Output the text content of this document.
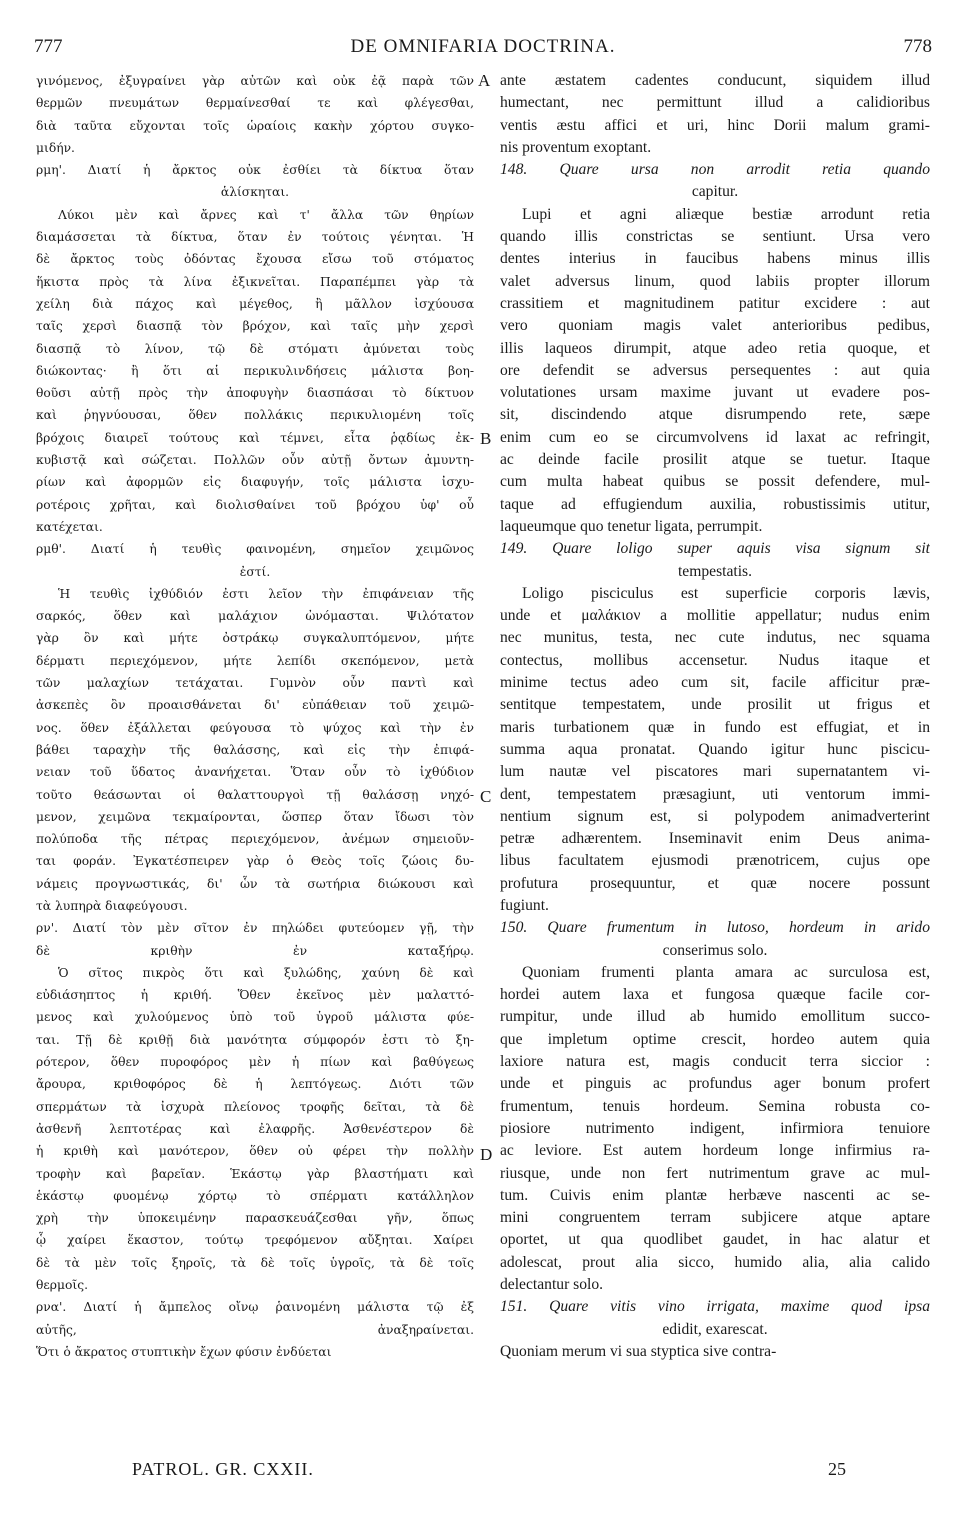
777	DE OMNIFARIA DOCTRINA.	778
γινόμενος, ἐξυγραίνει γὰρ αὐτῶν καὶ οὐκ ἐᾷ παρὰ τῶν
θερμῶν πνευμάτων θερμαίνεσθαί τε καὶ φλέγεσθαι,
διὰ ταῦτα εὔχονται τοῖς ὡραίοις κακὴν χόρτου συγκο-
μιδήν.
ρμη'. Διατί ἡ ἄρκτος οὐκ ἐσθίει τὰ δίκτυα ὅταν
ἁλίσκηται.
Λύκοι μὲν καὶ ἄρνες καὶ τ' ἄλλα τῶν θηρίων
διαμάσσεται τὰ δίκτυα, ὅταν ἐν τούτοις γένηται. Ἡ
δὲ ἄρκτος τοὺς ὀδόντας ἔχουσα εἴσω τοῦ στόματος
ἥκιστα πρὸς τὰ λίνα ἐξικνεῖται. Παραπέμπει γὰρ τὰ
χείλη διὰ πάχος καὶ μέγεθος, ἢ μᾶλλον ἰσχύουσα
ταῖς χερσὶ διασπᾷ τὸν βρόχον, καὶ ταῖς μὴν χερσὶ
διασπᾷ τὸ λίνον, τῷ δὲ στόματι ἀμύνεται τοὺς
διώκοντας· ἢ ὅτι αἱ περικυλινδήσεις μάλιστα βοη-
θοῦσι αὐτῇ πρὸς τὴν ἀποφυγὴν διασπάσαι τὸ δίκτυον
καὶ ῥηγνύουσαι, ὅθεν πολλάκις περικυλιομένη τοῖς
βρόχοις διαιρεῖ τούτους καὶ τέμνει, εἶτα ῥᾳδίως ἐκ-
κυβιστᾷ καὶ σώζεται. Πολλῶν οὖν αὐτῇ ὄντων ἀμυντη-
ρίων καὶ ἀφορμῶν εἰς διαφυγήν, τοῖς μάλιστα ἰσχυ-
ροτέροις χρῆται, καὶ διολισθαίνει τοῦ βρόχου ὑφ' οὗ
κατέχεται.
ρμθ'. Διατί ἡ τευθὶς φαινομένη, σημεῖον χειμῶνος
ἐστί.
Ἡ τευθὶς ἰχθύδιόν ἐστι λεῖον τὴν ἐπιφάνειαν τῆς
σαρκός, ὅθεν καὶ μαλάχιον ὠνόμασται. Ψιλότατον
γὰρ ὂν καὶ μήτε ὀστράκῳ συγκαλυπτόμενον, μήτε
δέρματι περιεχόμενον, μήτε λεπίδι σκεπόμενον, μετὰ
τῶν μαλαχίων τετάχαται. Γυμνὸν οὖν παντὶ καὶ
ἀσκεπὲς ὂν προαισθάνεται δι' εὐπάθειαν τοῦ χειμῶ-
νος. ὅθεν ἐξάλλεται φεύγουσα τὸ ψύχος καὶ τὴν ἐν
βάθει ταραχὴν τῆς θαλάσσης, καὶ εἰς τὴν ἐπιφά-
νειαν τοῦ ὕδατος ἀνανήχεται. Ὅταν οὖν τὸ ἰχθύδιον
τοῦτο θεάσωνται οἱ θαλαττουργοὶ τῇ θαλάσσῃ νηχό-
μενον, χειμῶνα τεκμαίρονται, ὥσπερ ὅταν ἴδωσι τὸν
πολύποδα τῆς πέτρας περιεχόμενον, ἀνέμων σημειοῦν-
ται φοράν. Ἐγκατέσπειρεν γὰρ ὁ Θεὸς τοῖς ζώοις δυ-
νάμεις προγνωστικάς, δι' ὧν τὰ σωτήρια διώκουσι καὶ
τὰ λυπηρὰ διαφεύγουσι.
ρν'. Διατί τὸν μὲν σῖτον ἐν πηλώδει φυτεύομεν γῇ, τὴν
δὲ κριθὴν ἐν καταξήρῳ.
Ὁ σῖτος πικρὸς ὅτι καὶ ξυλώδης, χαύνη δὲ καὶ
εὐδιάσηπτος ἡ κριθή. Ὅθεν ἐκεῖνος μὲν μαλαττό-
μενος καὶ χυλούμενος ὑπὸ τοῦ ὑγροῦ μάλιστα φύε-
ται. Τῇ δὲ κριθῇ διὰ μανότητα σύμφορόν ἐστι τὸ ξη-
ρότερον, ὅθεν πυροφόρος μὲν ἡ πίων καὶ βαθύγεως
ἄρουρα, κριθοφόρος δὲ ἡ λεπτόγεως. Διότι τῶν
σπερμάτων τὰ ἰσχυρὰ πλείονος τροφῆς δεῖται, τὰ δὲ
ἀσθενῆ λεπτοτέρας καὶ ἐλαφρῆς. Ἀσθενέστερον δὲ
ἡ κριθὴ καὶ μανότερον, ὅθεν οὐ φέρει τὴν πολλὴν
τροφὴν καὶ βαρεῖαν. Ἑκάστῳ γὰρ βλαστήματι καὶ
ἑκάστῳ φυομένῳ χόρτῳ τὸ σπέρματι κατάλληλον
χρὴ τὴν ὑποκειμένην παρασκευάζεσθαι γῆν, ὅπως
ᾧ χαίρει ἕκαστον, τούτῳ τρεφόμενον αὔξηται. Χαίρει
δὲ τὰ μὲν τοῖς ξηροῖς, τὰ δὲ τοῖς ὑγροῖς, τὰ δὲ τοῖς
θερμοῖς.
ρνα'. Διατί ἡ ἄμπελος οἴνῳ ῥαινομένη μάλιστα τῷ ἐξ
αὐτῆς, ἀναξηραίνεται.
Ὅτι ὁ ἄκρατος στυπτικὴν ἔχων φύσιν ἐνδύεται
ante æstatem cadentes conducunt, siquidem illud
humectant, nec permittunt illud a calidioribus
ventis æstu affici et uri, hinc Dorii malum grami-
nis proventum exoptant.
148. Quare ursa non arrodit retia quando
capitur.
Lupi et agni aliæque bestiæ arrodunt retia
quando illis constrictas se sentiunt. Ursa vero
dentes interius in faucibus habens minus illis
valet adversus linum, quod labiis propter illorum
crassitiem et magnitudinem patitur excidere : aut
vero quoniam magis valet anterioribus pedibus,
illis laqueos dirumpit, atque adeo retia quoque, et
ore defendit se adversus persequentes : aut quia
volutationes ursam maxime juvant ut evadere pos-
sit, discindendo atque disrumpendo rete, sæpe
enim cum eo se circumvolvens id laxat ac refringit,
ac deinde facile prosilit atque se tuetur. Itaque
cum multa habeat quibus se possit defendere, mul-
taque ad effugiendum auxilia, robustissimis utitur,
laqueumque quo tenetur ligata, perrumpit.
149. Quare loligo super aquis visa signum sit
tempestatis.
Loligo pisciculus est superficie corporis lævis,
unde et μαλάκιον a mollitie appellatur; nudus enim
nec munitus, testa, nec cute indutus, nec squama
contectus, mollibus accensetur. Nudus itaque et
minime tectus adeo cum sit, facile afficitur præ-
sentitque tempestatem, unde prosilit ut frigus et
maris turbationem quæ in fundo est effugiat, et in
summa aqua pronatat. Quando igitur hunc piscicu-
lum nautæ vel piscatores mari supernatantem vi-
dent, tempestatem præsagiunt, uti ventorum immi-
nentium signum est, si polypodem animadverterint
petræ adhærentem. Inseminavit enim Deus anima-
libus facultatem ejusmodi prænotricem, cujus ope
profutura prosequuntur, et quæ nocere possunt
fugiunt.
150. Quare frumentum in lutoso, hordeum in arido
conserimus solo.
Quoniam frumenti planta amara ac surculosa est,
hordei autem laxa et fungosa quæque facile cor-
rumpitur, unde illud ab humido emollitum succo-
que impletum optime crescit, hordeo autem quia
laxiore natura est, magis conducit terra siccior :
unde et pinguis ac profundus ager bonum profert
frumentum, tenuis hordeum. Semina robusta co-
piosiore nutrimento indigent, infirmiora tenuiore
ac leviore. Est autem hordeum longe infirmius ra-
riusque, unde non fert nutrimentum grave ac mul-
tum. Cuivis enim plantæ herbæve nascenti ac se-
mini congruentem terram subjicere atque aptare
oportet, ut qua quodlibet gaudet, in hac alatur et
adolescat, prout alia sicco, humido alia, alia calido
delectantur solo.
151. Quare vitis vino irrigata, maxime quod ipsa
edidit, exarescat.
Quoniam merum vi sua styptica sive contra-
A
B
C
D
PATROL. GR. CXXII.	25
